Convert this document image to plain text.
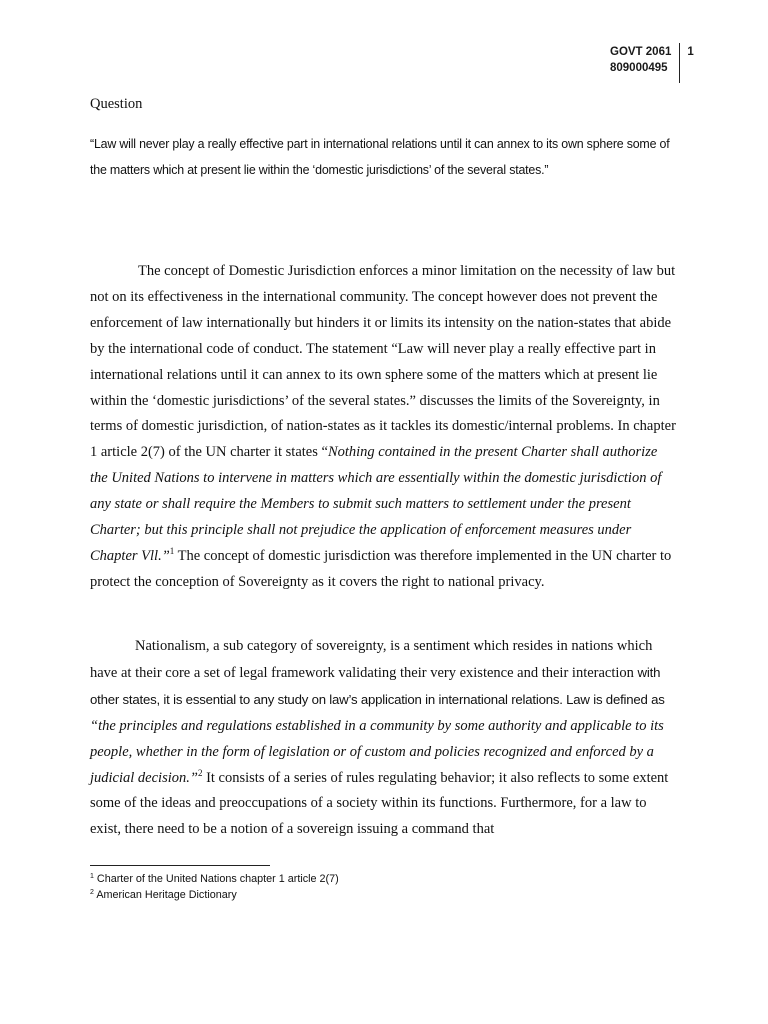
GOVT 2061
809000495
1
Question
“Law will never play a really effective part in international relations until it can annex to its own sphere some of the matters which at present lie within the ‘domestic jurisdictions’ of the several states.”

The concept of Domestic Jurisdiction enforces a minor limitation on the necessity of law but not on its effectiveness in the international community. The concept however does not prevent the enforcement of law internationally but hinders it or limits its intensity on the nation-states that abide by the international code of conduct. The statement “Law will never play a really effective part in international relations until it can annex to its own sphere some of the matters which at present lie within the ‘domestic jurisdictions’ of the several states.” discusses the limits of the Sovereignty, in terms of domestic jurisdiction, of nation-states as it tackles its domestic/internal problems. In chapter 1 article 2(7) of the UN charter it states “Nothing contained in the present Charter shall authorize the United Nations to intervene in matters which are essentially within the domestic jurisdiction of any state or shall require the Members to submit such matters to settlement under the present Charter; but this principle shall not prejudice the application of enforcement measures under Chapter Vll.”$^1$ The concept of domestic jurisdiction was therefore implemented in the UN charter to protect the conception of Sovereignty as it covers the right to national privacy.

Nationalism, a sub category of sovereignty, is a sentiment which resides in nations which have at their core a set of legal framework validating their very existence and their interaction with other states, it is essential to any study on law’s application in international relations. Law is defined as “the principles and regulations established in a community by some authority and applicable to its people, whether in the form of legislation or of custom and policies recognized and enforced by a judicial decision.”$^2$ It consists of a series of rules regulating behavior; it also reflects to some extent some of the ideas and preoccupations of a society within its functions. Furthermore, for a law to exist, there need to be a notion of a sovereign issuing a command that

$^1$ Charter of the United Nations chapter 1 article 2(7)
$^2$ American Heritage Dictionary
